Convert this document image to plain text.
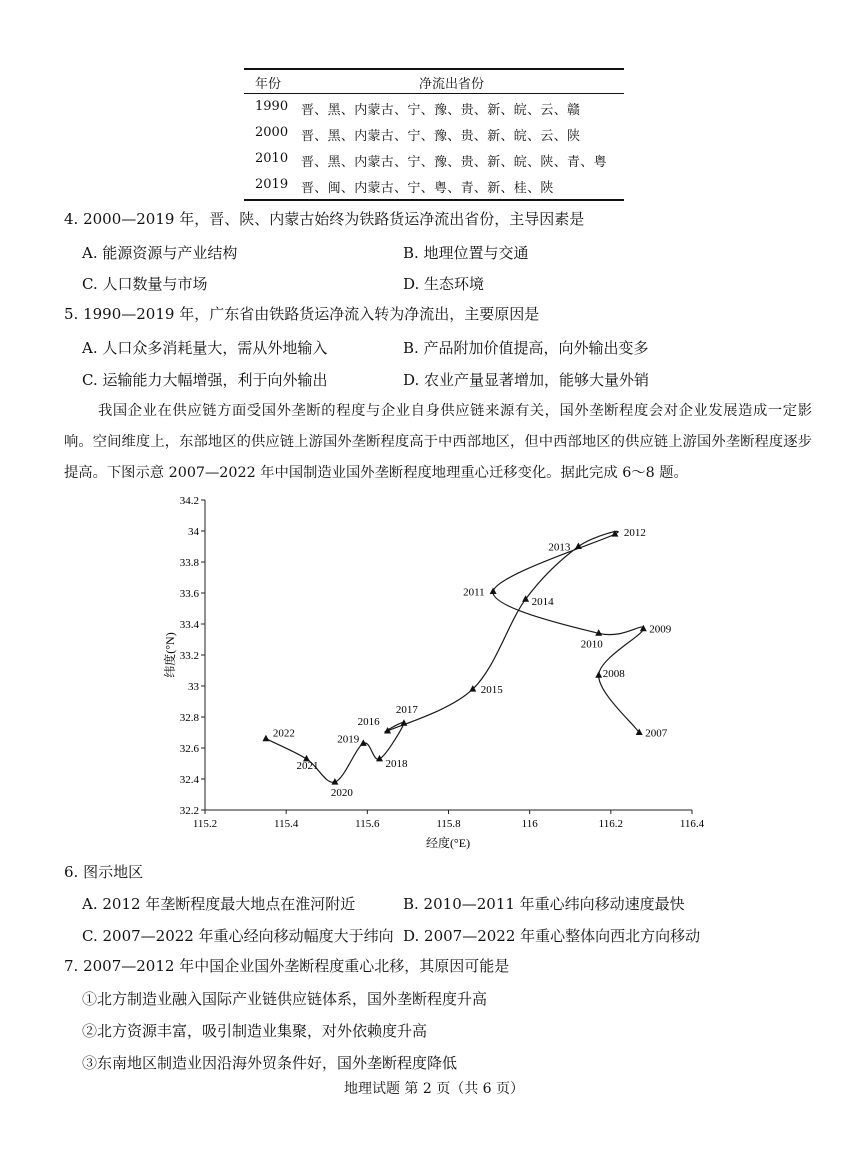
年份	净流出省份
1990 晋、黑、内蒙古、宁、豫、贵、新、皖、云、赣
2000 晋、黑、内蒙古、宁、豫、贵、新、皖、云、陕
2010 晋、黑、内蒙古、宁、豫、贵、新、皖、陕、青、粤
2019 晋、闽、内蒙古、宁、粤、青、新、桂、陕
4. 2000—2019 年，晋、陕、内蒙古始终为铁路货运净流出省份，主导因素是
A. 能源资源与产业结构	B. 地理位置与交通
C. 人口数量与市场	D. 生态环境
5. 1990—2019 年，广东省由铁路货运净流入转为净流出，主要原因是
A. 人口众多消耗量大，需从外地输入	B. 产品附加价值提高，向外输出变多
C. 运输能力大幅增强，利于向外输出	D. 农业产量显著增加，能够大量外销
我国企业在供应链方面受国外垄断的程度与企业自身供应链来源有关，国外垄断程度会对企业发展造成一定影响。空间维度上，东部地区的供应链上游国外垄断程度高于中西部地区，但中西部地区的供应链上游国外垄断程度逐步提高。下图示意 2007—2022 年中国制造业国外垄断程度地理重心迁移变化。据此完成 6～8 题。
115.2	115.4	115.6	115.8	116	116.2	116.4
32.2
32.4
32.6
32.8
33
33.2
33.4
33.6
33.8
34
34.2
2007
2008
2009
2010
2011
2012
2013
2014
2015
2016
2017
2018
2019
2020
2021
2022
经度(°E)
纬度(°N)
6. 图示地区
A. 2012 年垄断程度最大地点在淮河附近	B. 2010—2011 年重心纬向移动速度最快
C. 2007—2022 年重心经向移动幅度大于纬向 D. 2007—2022 年重心整体向西北方向移动
7. 2007—2012 年中国企业国外垄断程度重心北移，其原因可能是
①北方制造业融入国际产业链供应链体系，国外垄断程度升高
②北方资源丰富，吸引制造业集聚，对外依赖度升高
③东南地区制造业因沿海外贸条件好，国外垄断程度降低
地理试题 第 2 页（共 6 页）
